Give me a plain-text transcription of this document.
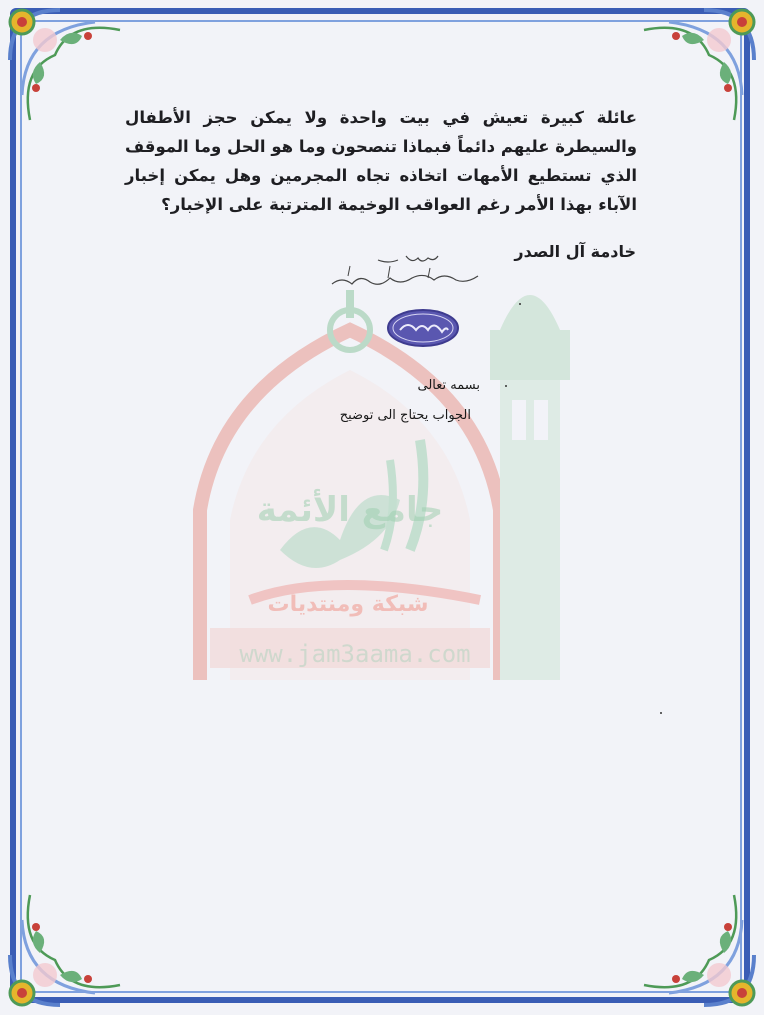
شبكة ومنتديات
www.jam3aama.com
جامع الأئمة
عائلة كبيرة تعيش في بيت واحدة ولا يمكن حجز الأطفال والسيطرة عليهم دائماً فبماذا تنصحون وما هو الحل وما الموقف الذي تستطيع الأمهات اتخاذه تجاه المجرمين وهل يمكن إخبار الآباء بهذا الأمر رغم العواقب الوخيمة المترتبة على الإخبار؟
خادمة آل الصدر
بسمه تعالى
الجواب يحتاج الى توضيح
